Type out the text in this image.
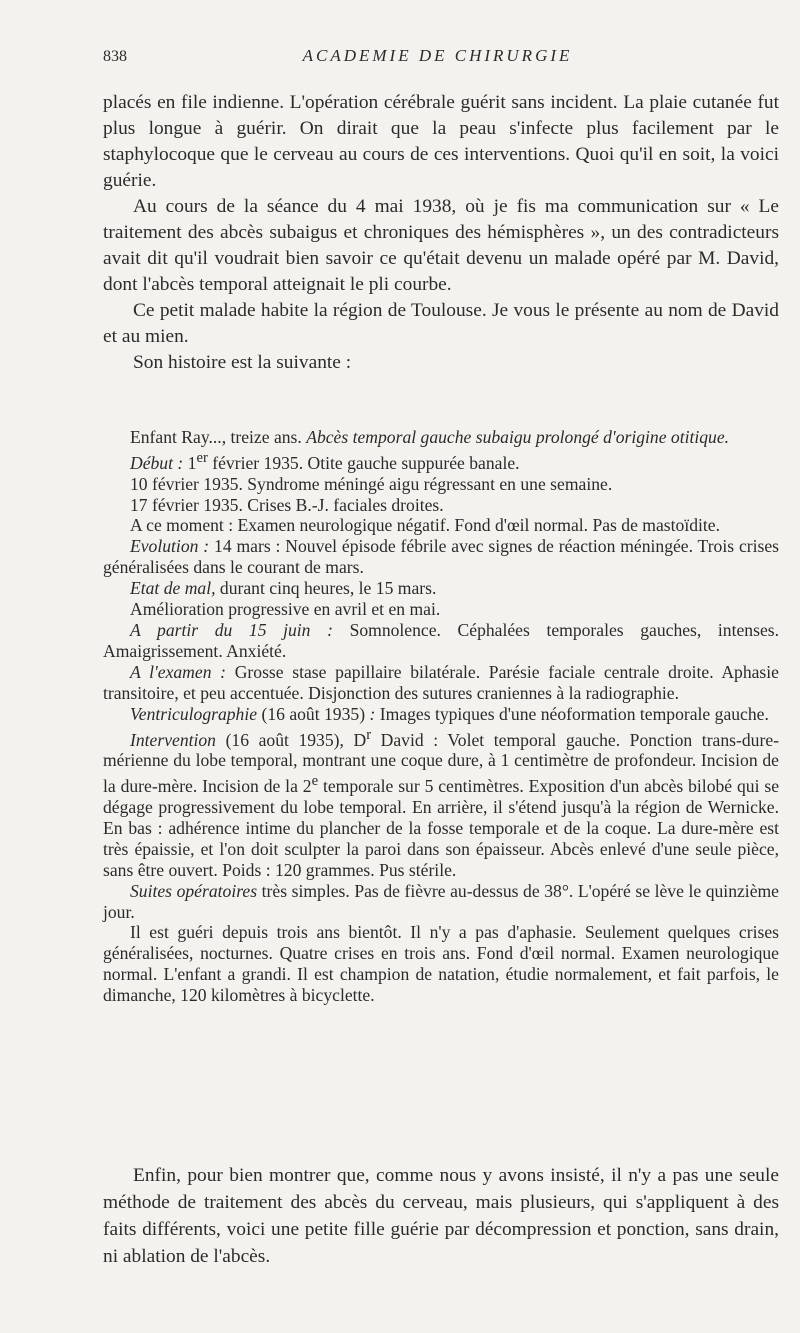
838	ACADEMIE DE CHIRURGIE

placés en file indienne. L'opération cérébrale guérit sans incident. La plaie cutanée fut plus longue à guérir. On dirait que la peau s'infecte plus facilement par le staphylocoque que le cerveau au cours de ces interventions. Quoi qu'il en soit, la voici guérie.

Au cours de la séance du 4 mai 1938, où je fis ma communication sur « Le traitement des abcès subaigus et chroniques des hémisphères », un des contradicteurs avait dit qu'il voudrait bien savoir ce qu'était devenu un malade opéré par M. David, dont l'abcès temporal atteignait le pli courbe.

Ce petit malade habite la région de Toulouse. Je vous le présente au nom de David et au mien.

Son histoire est la suivante :

Enfant Ray..., treize ans. Abcès temporal gauche subaigu prolongé d'origine otitique.

Début : 1er février 1935. Otite gauche suppurée banale.

10 février 1935. Syndrome méningé aigu régressant en une semaine.

17 février 1935. Crises B.-J. faciales droites.

A ce moment : Examen neurologique négatif. Fond d'œil normal. Pas de mastoïdite.

Evolution : 14 mars : Nouvel épisode fébrile avec signes de réaction méningée. Trois crises généralisées dans le courant de mars.

Etat de mal, durant cinq heures, le 15 mars.

Amélioration progressive en avril et en mai.

A partir du 15 juin : Somnolence. Céphalées temporales gauches, intenses. Amaigrissement. Anxiété.

A l'examen : Grosse stase papillaire bilatérale. Parésie faciale centrale droite. Aphasie transitoire, et peu accentuée. Disjonction des sutures craniennes à la radiographie.

Ventriculographie (16 août 1935) : Images typiques d'une néoformation temporale gauche.

Intervention (16 août 1935), $D^r$ David : Volet temporal gauche. Ponction trans-dure-mérienne du lobe temporal, montrant une coque dure, à 1 centimètre de profondeur. Incision de la dure-mère. Incision de la 2e temporale sur 5 centimètres. Exposition d'un abcès bilobé qui se dégage progressivement du lobe temporal. En arrière, il s'étend jusqu'à la région de Wernicke. En bas : adhérence intime du plancher de la fosse temporale et de la coque. La dure-mère est très épaissie, et l'on doit sculpter la paroi dans son épaisseur. Abcès enlevé d'une seule pièce, sans être ouvert. Poids : 120 grammes. Pus stérile.

Suites opératoires très simples. Pas de fièvre au-dessus de 38°. L'opéré se lève le quinzième jour.

Il est guéri depuis trois ans bientôt. Il n'y a pas d'aphasie. Seulement quelques crises généralisées, nocturnes. Quatre crises en trois ans. Fond d'œil normal. Examen neurologique normal. L'enfant a grandi. Il est champion de natation, étudie normalement, et fait parfois, le dimanche, 120 kilomètres à bicyclette.

Enfin, pour bien montrer que, comme nous y avons insisté, il n'y a pas une seule méthode de traitement des abcès du cerveau, mais plusieurs, qui s'appliquent à des faits différents, voici une petite fille guérie par décompression et ponction, sans drain, ni ablation de l'abcès.
